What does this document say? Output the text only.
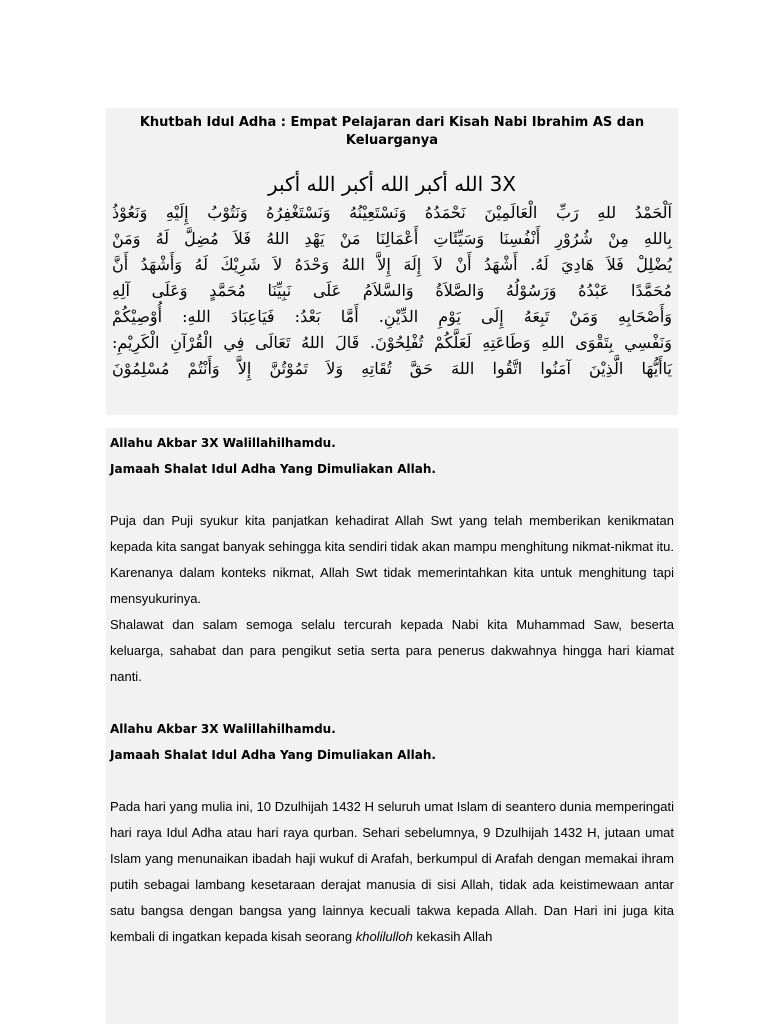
Khutbah Idul Adha : Empat Pelajaran dari Kisah Nabi Ibrahim AS dan Keluarganya

الله أكبر الله أكبر الله أكبر 3X
اَلْحَمْدُ للهِ رَبِّ الْعَالَمِيْنَ نَحْمَدُهُ وَنَسْتَعِيْنُهُ وَنَسْتَغْفِرُهُ وَنَتُوْبُ إِلَيْهِ وَنَعُوْذُ
بِاللهِ مِنْ شُرُوْرِ أَنْفُسِنَا وَسَيِّئَاتِ أَعْمَالِنَا مَنْ يَهْدِ اللهُ فَلاَ مُضِلَّ لَهُ وَمَنْ
يُضْلِلْ فَلاَ هَادِيَ لَهُ. أَشْهَدُ أَنْ لاَ إِلَهَ إِلاَّ اللهُ وَحْدَهُ لاَ شَرِيْكَ لَهُ وَأَشْهَدُ أَنَّ
مُحَمَّدًا عَبْدُهُ وَرَسُوْلُهُ وَالصَّلاَةُ وَالسَّلاَمُ عَلَى نَبِيِّنَا مُحَمَّدٍ وَعَلَى آلِهِ
وَأَصْحَابِهِ وَمَنْ تَبِعَهُ إِلَى يَوْمِ الدِّيْنِ. أَمَّا بَعْدُ: فَيَاعِبَادَ اللهِ: أُوْصِيْكُمْ
وَنَفْسِي بِتَقْوَى اللهِ وَطَاعَتِهِ لَعَلَّكُمْ تُفْلِحُوْنَ. قَالَ اللهُ تَعَالَى فِي الْقُرْآنِ الْكَرِيْمِ:
يَاأَيُّهَا الَّذِيْنَ آمَنُوا اتَّقُوا اللهَ حَقَّ تُقَاتِهِ وَلاَ تَمُوْتُنَّ إِلاَّ وَأَنْتُمْ مُسْلِمُوْنَ

Allahu Akbar 3X Walillahilhamdu.

Jamaah Shalat Idul Adha Yang Dimuliakan Allah.

Puja dan Puji syukur kita panjatkan kehadirat Allah Swt yang telah memberikan kenikmatan kepada kita sangat banyak sehingga kita sendiri tidak akan mampu menghitung nikmat-nikmat itu. Karenanya dalam konteks nikmat, Allah Swt tidak memerintahkan kita untuk menghitung tapi mensyukurinya.

Shalawat dan salam semoga selalu tercurah kepada Nabi kita Muhammad Saw, beserta keluarga, sahabat dan para pengikut setia serta para penerus dakwahnya hingga hari kiamat nanti.

Allahu Akbar 3X Walillahilhamdu.

Jamaah Shalat Idul Adha Yang Dimuliakan Allah.

Pada hari yang mulia ini, 10 Dzulhijah 1432 H seluruh umat Islam di seantero dunia memperingati hari raya Idul Adha atau hari raya qurban. Sehari sebelumnya, 9 Dzulhijah 1432 H, jutaan umat Islam yang menunaikan ibadah haji wukuf di Arafah, berkumpul di Arafah dengan memakai ihram putih sebagai lambang kesetaraan derajat manusia di sisi Allah, tidak ada keistimewaan antar satu bangsa dengan bangsa yang lainnya kecuali takwa kepada Allah. Dan Hari ini juga kita kembali di ingatkan kepada kisah seorang kholilulloh kekasih Allah
